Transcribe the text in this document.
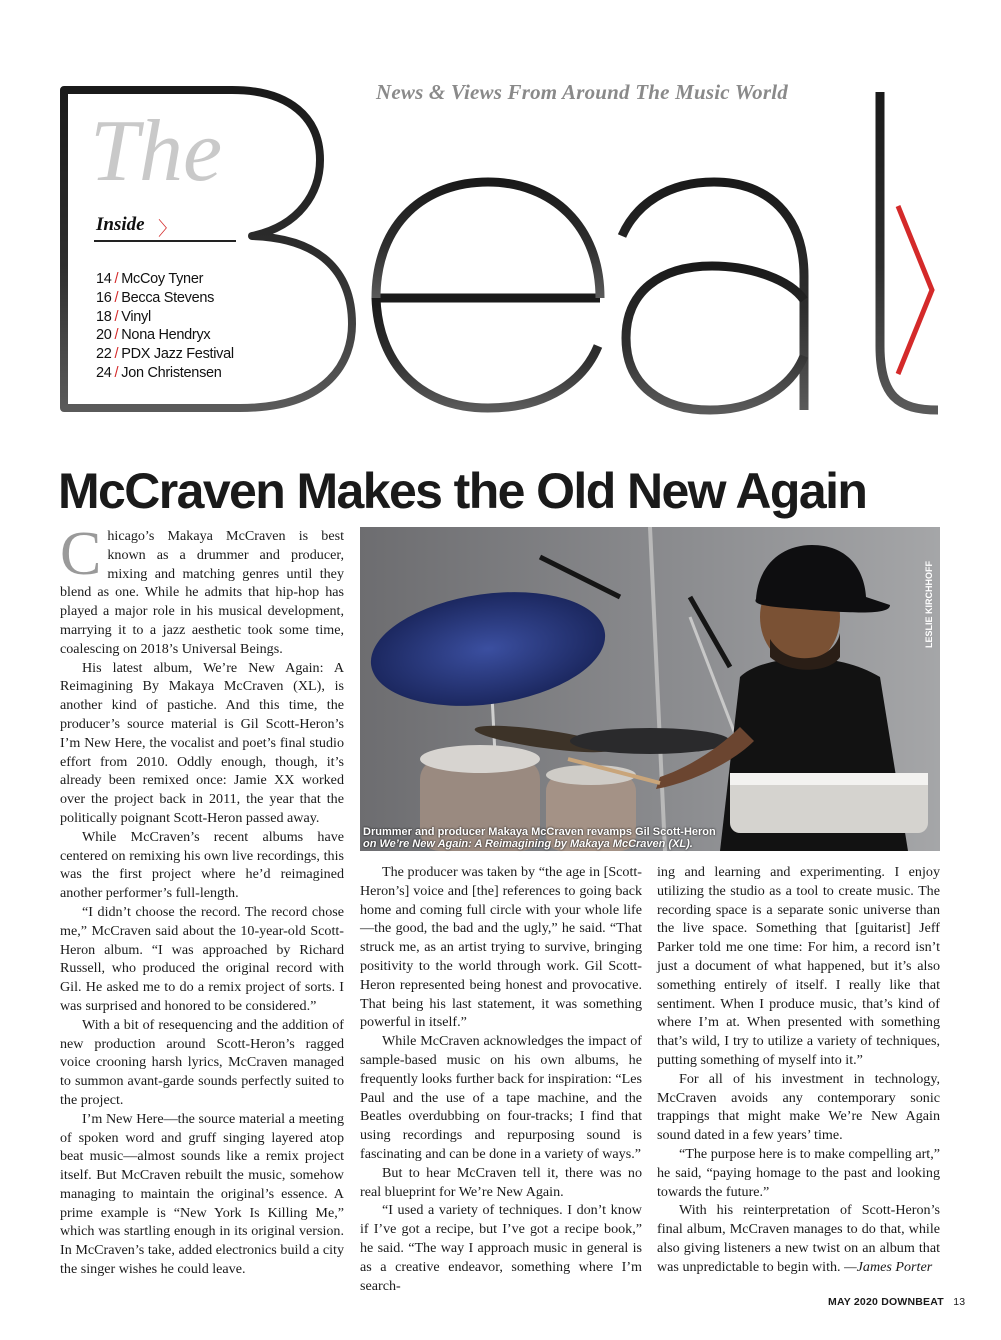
News & Views From Around The Music World
The
Inside 〉
14 / McCoy Tyner
16 / Becca Stevens
18 / Vinyl
20 / Nona Hendryx
22 / PDX Jazz Festival
24 / Jon Christensen
McCraven Makes the Old New Again
LESLIE KIRCHHOFF
Drummer and producer Makaya McCraven revamps Gil Scott-Heron
on We’re New Again: A Reimagining by Makaya McCraven (XL).

Chicago’s Makaya McCraven is best known as a drummer and producer, mixing and matching genres until they blend as one. While he admits that hip-hop has played a major role in his musical development, marrying it to a jazz aesthetic took some time, coalescing on 2018’s Universal Beings.

His latest album, We’re New Again: A Reimagining By Makaya McCraven (XL), is another kind of pastiche. And this time, the producer’s source material is Gil Scott-Heron’s I’m New Here, the vocalist and poet’s final studio effort from 2010. Oddly enough, though, it’s already been remixed once: Jamie XX worked over the project back in 2011, the year that the politically poignant Scott-Heron passed away.

While McCraven’s recent albums have centered on remixing his own live recordings, this was the first project where he’d reimagined another performer’s full-length.

“I didn’t choose the record. The record chose me,” McCraven said about the 10-year-old Scott-Heron album. “I was approached by Richard Russell, who produced the original record with Gil. He asked me to do a remix project of sorts. I was surprised and honored to be considered.”

With a bit of resequencing and the addition of new production around Scott-Heron’s ragged voice crooning harsh lyrics, McCraven managed to summon avant-garde sounds perfectly suited to the project.

I’m New Here—the source material a meeting of spoken word and gruff singing layered atop beat music—almost sounds like a remix project itself. But McCraven rebuilt the music, somehow managing to maintain the original’s essence. A prime example is “New York Is Killing Me,” which was startling enough in its original version. In McCraven’s take, added electronics build a city the singer wishes he could leave.

The producer was taken by “the age in [Scott-Heron’s] voice and [the] references to going back home and coming full circle with your whole life—the good, the bad and the ugly,” he said. “That struck me, as an artist trying to survive, bringing positivity to the world through work. Gil Scott-Heron represented being honest and provocative. That being his last statement, it was something powerful in itself.”

While McCraven acknowledges the impact of sample-based music on his own albums, he frequently looks further back for inspiration: “Les Paul and the use of a tape machine, and the Beatles overdubbing on four-tracks; I find that using recordings and repurposing sound is fascinating and can be done in a variety of ways.”

But to hear McCraven tell it, there was no real blueprint for We’re New Again.

“I used a variety of techniques. I don’t know if I’ve got a recipe, but I’ve got a recipe book,” he said. “The way I approach music in general is as a creative endeavor, something where I’m search-

ing and learning and experimenting. I enjoy utilizing the studio as a tool to create music. The recording space is a separate sonic universe than the live space. Something that [guitarist] Jeff Parker told me one time: For him, a record isn’t just a document of what happened, but it’s also something entirely of itself. I really like that sentiment. When I produce music, that’s kind of where I’m at. When presented with something that’s wild, I try to utilize a variety of techniques, putting something of myself into it.”

For all of his investment in technology, McCraven avoids any contemporary sonic trappings that might make We’re New Again sound dated in a few years’ time.

“The purpose here is to make compelling art,” he said, “paying homage to the past and looking towards the future.”

With his reinterpretation of Scott-Heron’s final album, McCraven manages to do that, while also giving listeners a new twist on an album that was unpredictable to begin with. —James Porter

MAY 2020 DOWNBEAT 13
